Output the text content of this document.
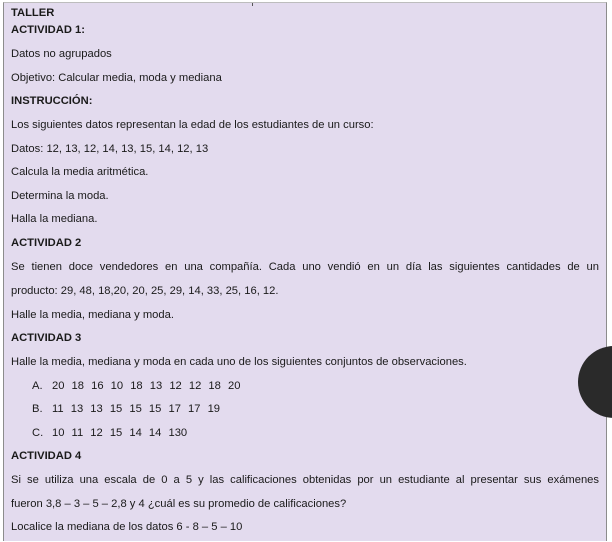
TALLER
ACTIVIDAD 1:
Datos no agrupados
Objetivo: Calcular media, moda y mediana
INSTRUCCIÓN:
Los siguientes datos representan la edad de los estudiantes de un curso:
Datos: 12, 13, 12, 14, 13, 15, 14, 12, 13
Calcula la media aritmética.
Determina la moda.
Halla la mediana.
ACTIVIDAD 2
Se tienen doce vendedores en una compañía. Cada uno vendió en un día las siguientes cantidades de un
producto: 29, 48, 18,20, 20, 25, 29, 14, 33, 25, 16, 12.
Halle la media, mediana y moda.
ACTIVIDAD 3
Halle la media, mediana y moda en cada uno de los siguientes conjuntos de observaciones.
A. 20 18 16 10 18 13 12 12 18 20
B. 11 13 13 15 15 15 17 17 19
C. 10 11 12 15 14 14 130
ACTIVIDAD 4
Si se utiliza una escala de 0 a 5 y las calificaciones obtenidas por un estudiante al presentar sus exámenes
fueron 3,8 – 3 – 5 – 2,8 y 4 ¿cuál es su promedio de calificaciones?
Localice la mediana de los datos 6 - 8 – 5 – 10
